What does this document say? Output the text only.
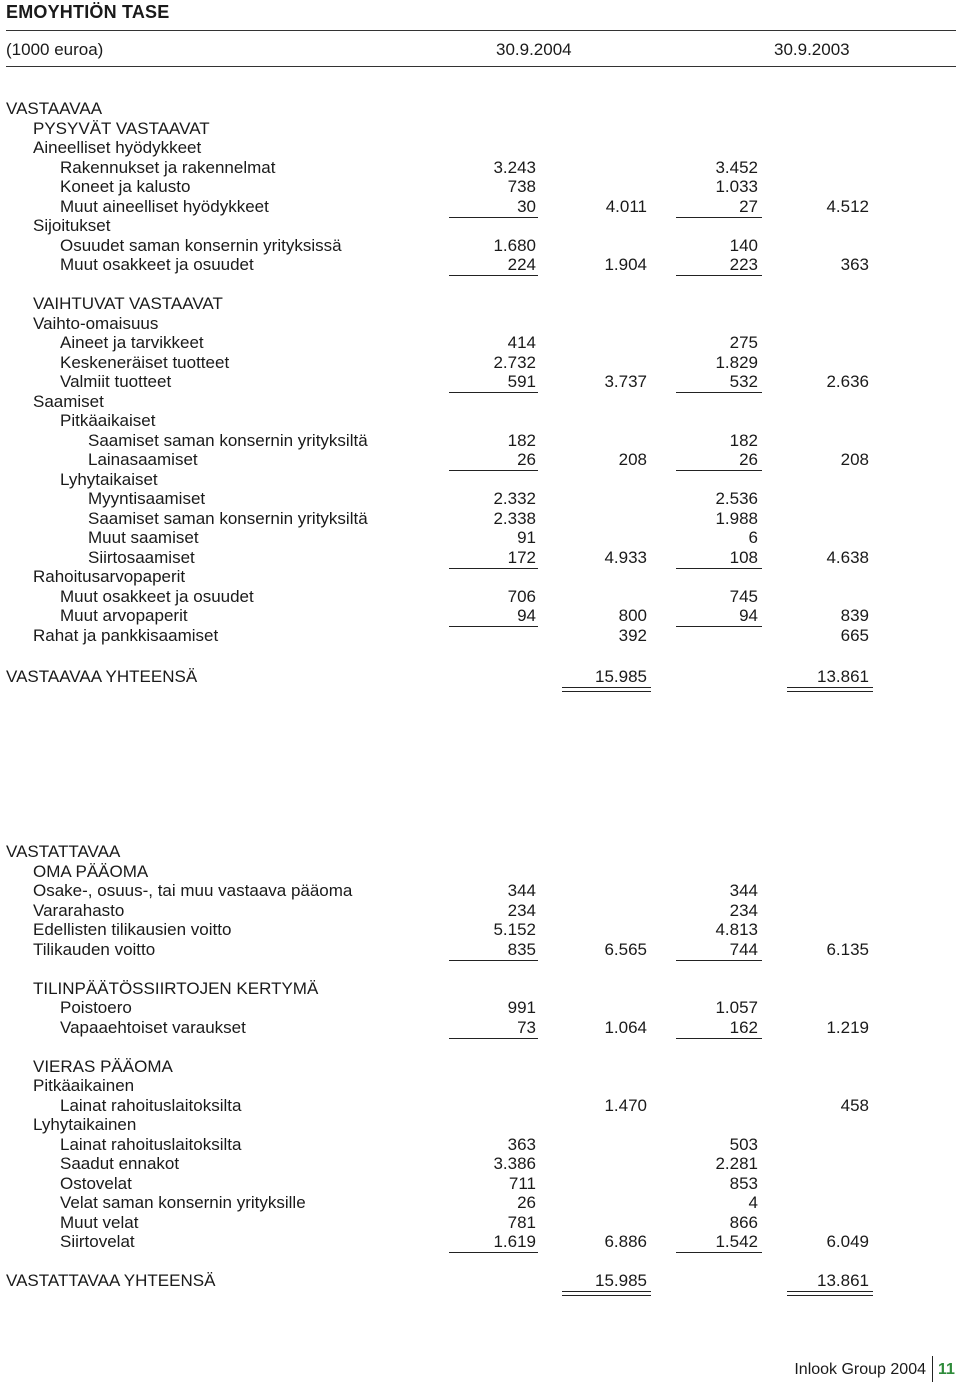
EMOYHTIÖN TASE
(1000 euroa)	30.9.2004	30.9.2003
VASTAAVAA
PYSYVÄT VASTAAVAT
Aineelliset hyödykkeet
Rakennukset ja rakennelmat	3.243	3.452
Koneet ja kalusto	738	1.033
Muut aineelliset hyödykkeet	30	4.011	27	4.512
Sijoitukset
Osuudet saman konsernin yrityksissä	1.680	140
Muut osakkeet ja osuudet	224	1.904	223	363
VAIHTUVAT VASTAAVAT
Vaihto-omaisuus
Aineet ja tarvikkeet	414	275
Keskeneräiset tuotteet	2.732	1.829
Valmiit tuotteet	591	3.737	532	2.636
Saamiset
Pitkäaikaiset
Saamiset saman konsernin yrityksiltä	182	182
Lainasaamiset	26	208	26	208
Lyhytaikaiset
Myyntisaamiset	2.332	2.536
Saamiset saman konsernin yrityksiltä	2.338	1.988
Muut saamiset	91	6
Siirtosaamiset	172	4.933	108	4.638
Rahoitusarvopaperit
Muut osakkeet ja osuudet	706	745
Muut arvopaperit	94	800	94	839
Rahat ja pankkisaamiset	392	665
VASTAAVAA YHTEENSÄ	15.985	13.861
VASTATTAVAA
OMA PÄÄOMA
Osake-, osuus-, tai muu vastaava pääoma	344	344
Vararahasto	234	234
Edellisten tilikausien voitto	5.152	4.813
Tilikauden voitto	835	6.565	744	6.135
TILINPÄÄTÖSSIIRTOJEN KERTYMÄ
Poistoero	991	1.057
Vapaaehtoiset varaukset	73	1.064	162	1.219
VIERAS PÄÄOMA
Pitkäaikainen
Lainat rahoituslaitoksilta	1.470	458
Lyhytaikainen
Lainat rahoituslaitoksilta	363	503
Saadut ennakot	3.386	2.281
Ostovelat	711	853
Velat saman konsernin yrityksille	26	4
Muut velat	781	866
Siirtovelat	1.619	6.886	1.542	6.049
VASTATTAVAA YHTEENSÄ	15.985	13.861
Inlook Group 2004 11
